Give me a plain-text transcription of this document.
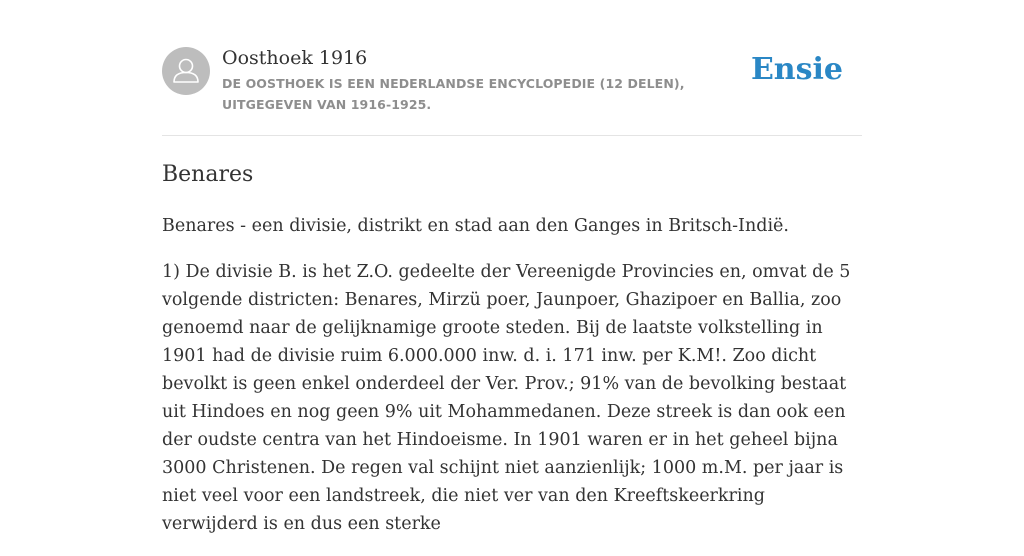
Oosthoek 1916
DE OOSTHOEK IS EEN NEDERLANDSE ENCYCLOPEDIE (12 DELEN), UITGEGEVEN VAN 1916-1925.
Ensie
Benares

Benares - een divisie, distrikt en stad aan den Ganges in Britsch-Indië.

1) De divisie B. is het Z.O. gedeelte der Vereenigde Provincies en, omvat de 5 volgende districten: Benares, Mirzü poer, Jaunpoer, Ghazipoer en Ballia, zoo genoemd naar de gelijknamige groote steden. Bij de laatste volkstelling in 1901 had de divisie ruim 6.000.000 inw. d. i. 171 inw. per K.M!. Zoo dicht bevolkt is geen enkel onderdeel der Ver. Prov.; 91% van de bevolking bestaat uit Hindoes en nog geen 9% uit Mohammedanen. Deze streek is dan ook een der oudste centra van het Hindoeisme. In 1901 waren er in het geheel bijna 3000 Christenen. De regen val schijnt niet aanzienlijk; 1000 m.M. per jaar is niet veel voor een landstreek, die niet ver van den Kreeftskeerkring verwijderd is en dus een sterke
